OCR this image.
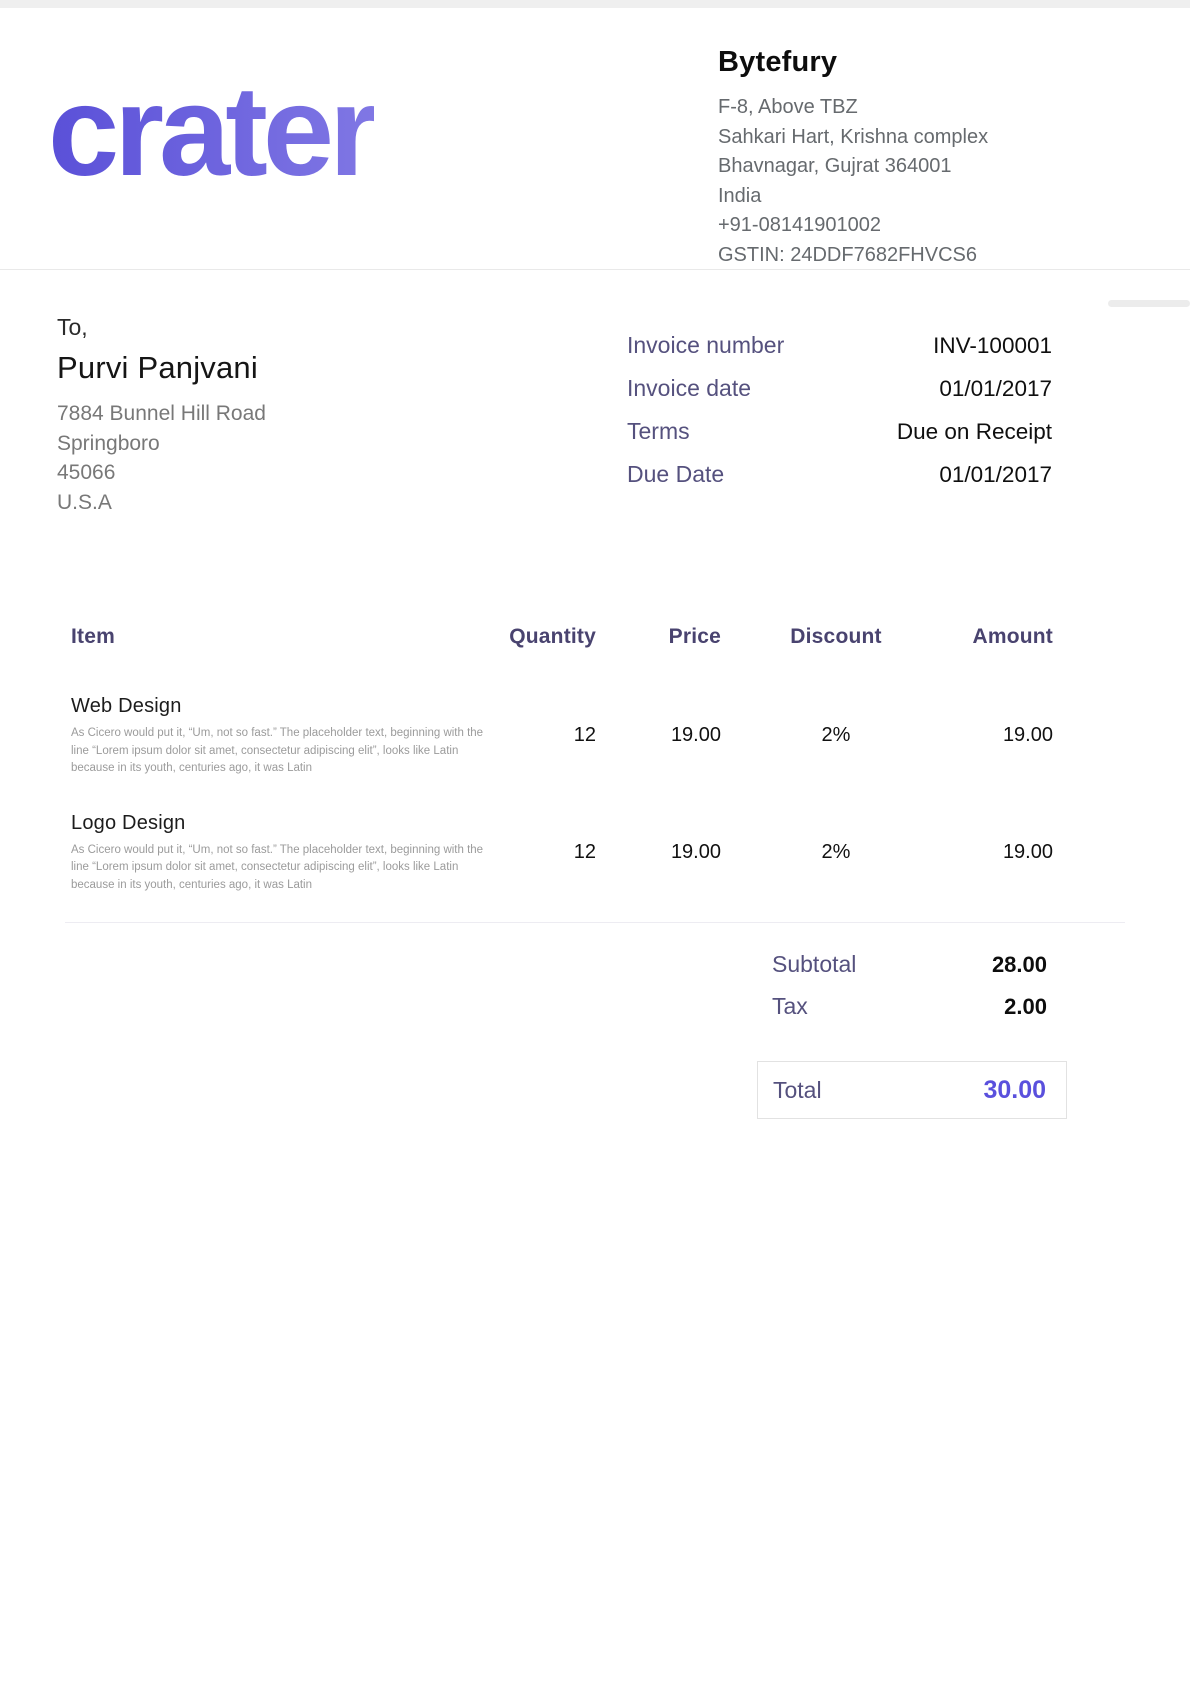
crater	Bytefury
F-8, Above TBZ
Sahkari Hart, Krishna complex
Bhavnagar, Gujrat 364001
India
+91-08141901002
GSTIN: 24DDF7682FHVCS6
To,
Purvi Panjvani
7884 Bunnel Hill Road
Springboro
45066
U.S.A
Invoice number	INV-100001
Invoice date	01/01/2017
Terms	Due on Receipt
Due Date	01/01/2017
Item	Quantity	Price	Discount	Amount
Web Design
As Cicero would put it, “Um, not so fast.” The placeholder text, beginning with the line “Lorem ipsum dolor sit amet, consectetur adipiscing elit”, looks like Latin because in its youth, centuries ago, it was Latin
12	19.00	2%	19.00
Logo Design
As Cicero would put it, “Um, not so fast.” The placeholder text, beginning with the line “Lorem ipsum dolor sit amet, consectetur adipiscing elit”, looks like Latin because in its youth, centuries ago, it was Latin
12	19.00	2%	19.00
Subtotal	28.00
Tax	2.00
Total	30.00
